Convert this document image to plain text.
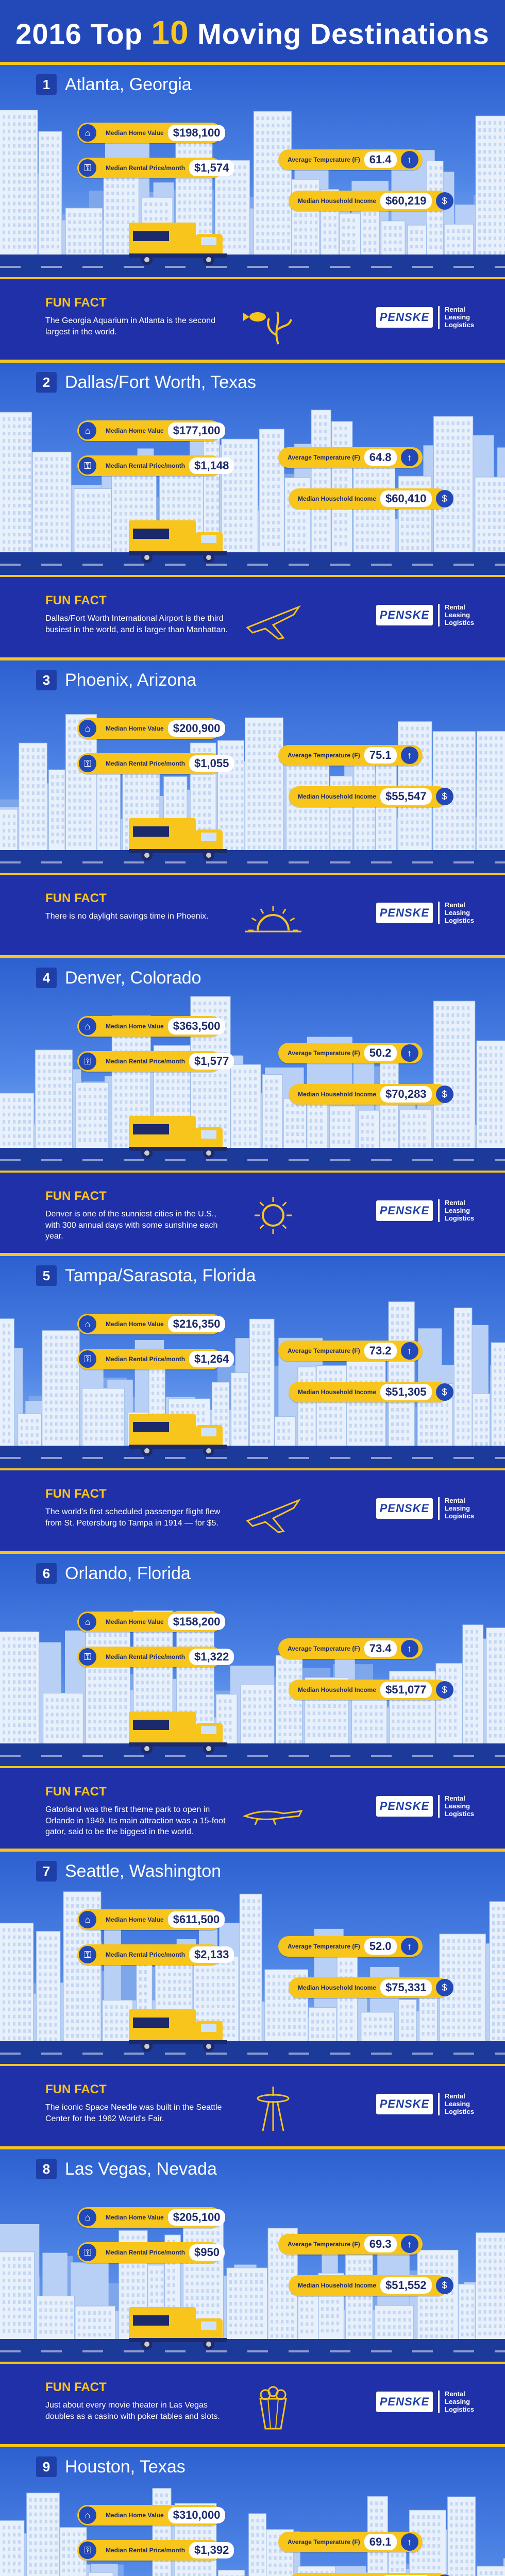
2016 Top 10 Moving Destinations
1 Atlanta, Georgia
⌂	Median Home Value $198,100
⚿	Median Rental Price/month $1,574
Average Temperature (F) 61.4	↑
Median Household Income $60,219	$
FUN FACT
The Georgia Aquarium in Atlanta is the second largest in the world.
PENSKE
Rental
Leasing
Logistics
2 Dallas/Fort Worth, Texas
⌂	Median Home Value $177,100
⚿	Median Rental Price/month $1,148
Average Temperature (F) 64.8	↑
Median Household Income $60,410	$
FUN FACT
Dallas/Fort Worth International Airport is the third busiest in the world, and is larger than Manhattan.
PENSKE
Rental
Leasing
Logistics
3 Phoenix, Arizona
⌂	Median Home Value $200,900
⚿	Median Rental Price/month $1,055
Average Temperature (F) 75.1	↑
Median Household Income $55,547	$
FUN FACT
There is no daylight savings time in Phoenix.	PENSKE
Rental
Leasing
Logistics
4 Denver, Colorado
⌂	Median Home Value $363,500
⚿	Median Rental Price/month $1,577
Average Temperature (F) 50.2	↑
Median Household Income $70,283	$
FUN FACT
Denver is one of the sunniest cities in the U.S., with 300 annual days with some sunshine each year.
PENSKE
Rental
Leasing
Logistics
5 Tampa/Sarasota, Florida
⌂	Median Home Value $216,350
⚿	Median Rental Price/month $1,264
Average Temperature (F) 73.2	↑
Median Household Income $51,305	$
FUN FACT
The world's first scheduled passenger flight flew from St. Petersburg to Tampa in 1914 — for $5.
PENSKE
Rental
Leasing
Logistics
6 Orlando, Florida
⌂	Median Home Value $158,200
⚿	Median Rental Price/month $1,322
Average Temperature (F) 73.4	↑
Median Household Income $51,077	$
FUN FACT
Gatorland was the first theme park to open in Orlando in 1949. Its main attraction was a 15-foot gator, said to be the biggest in the world.
PENSKE
Rental
Leasing
Logistics
7 Seattle, Washington
⌂	Median Home Value $611,500
⚿	Median Rental Price/month $2,133
Average Temperature (F) 52.0	↑
Median Household Income $75,331	$
FUN FACT
The iconic Space Needle was built in the Seattle Center for the 1962 World's Fair.
PENSKE
Rental
Leasing
Logistics
8 Las Vegas, Nevada
⌂	Median Home Value $205,100
⚿	Median Rental Price/month $950
Average Temperature (F) 69.3	↑
Median Household Income $51,552	$
FUN FACT
Just about every movie theater in Las Vegas doubles as a casino with poker tables and slots.
PENSKE
Rental
Leasing
Logistics
9 Houston, Texas
⌂	Median Home Value $310,000
⚿	Median Rental Price/month $1,392
Average Temperature (F) 69.1	↑
